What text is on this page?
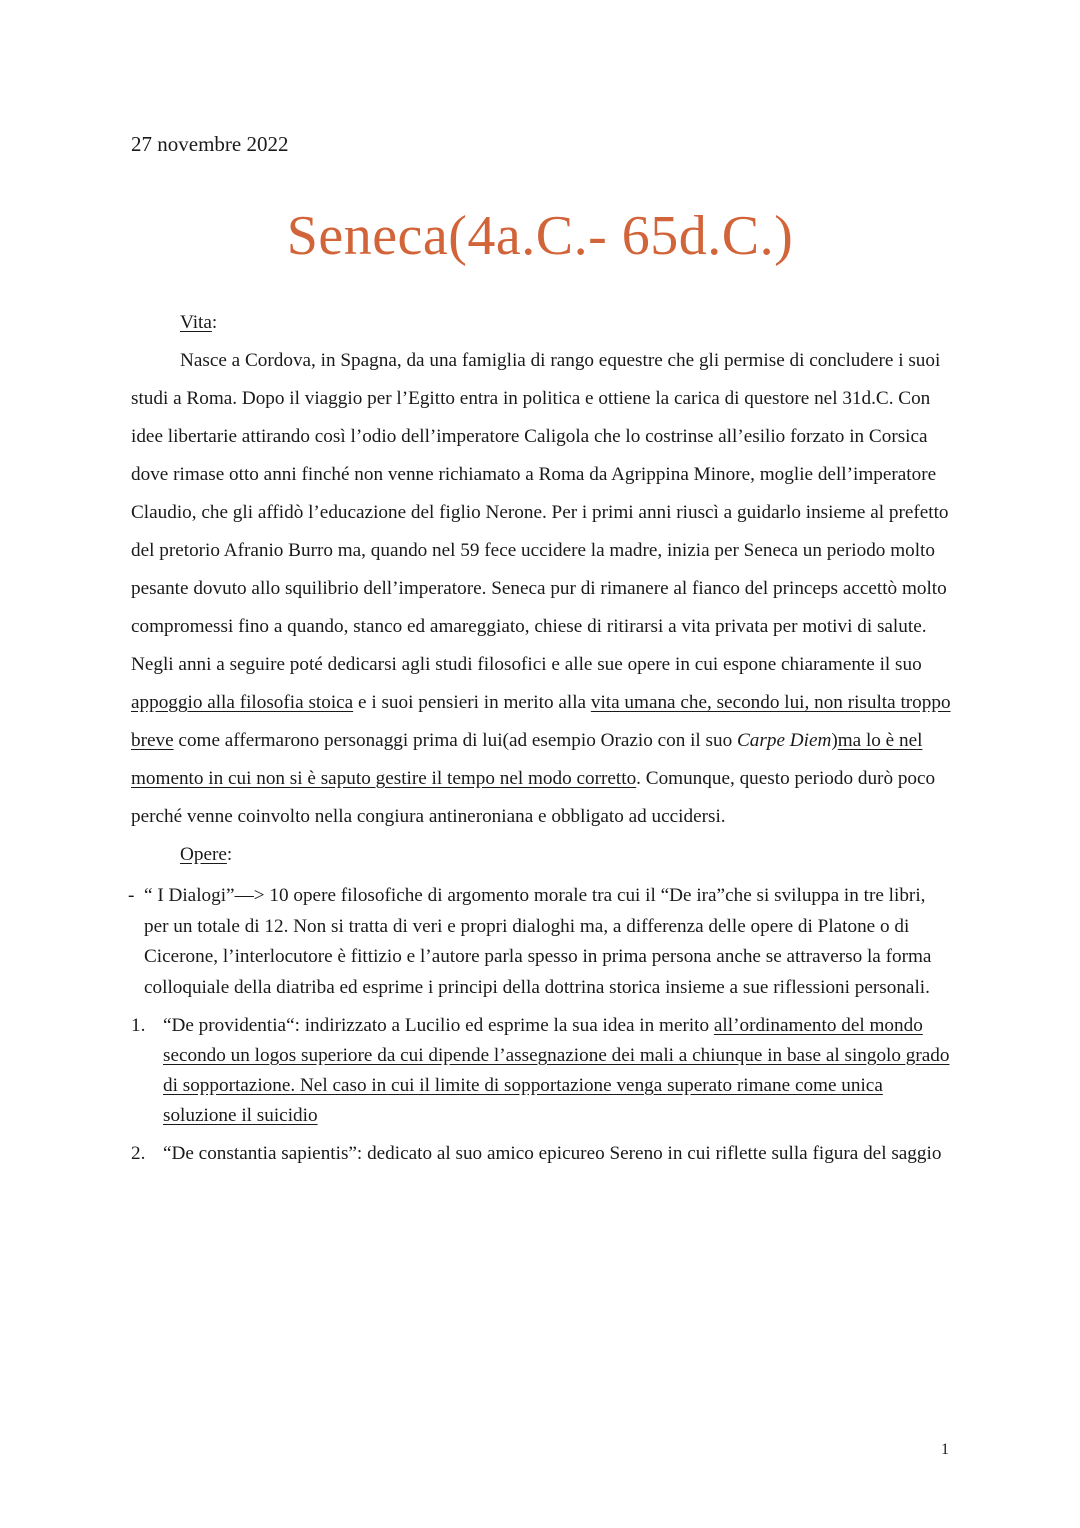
27 novembre 2022
Seneca(4a.C.- 65d.C.)
Vita:

Nasce a Cordova, in Spagna, da una famiglia di rango equestre che gli permise di concludere i suoi studi a Roma. Dopo il viaggio per l’Egitto entra in politica e ottiene la carica di questore nel 31d.C. Con idee libertarie attirando così l’odio dell’imperatore Caligola che lo costrinse all’esilio forzato in Corsica dove rimase otto anni finché non venne richiamato a Roma da Agrippina Minore, moglie dell’imperatore Claudio, che gli affidò l’educazione del figlio Nerone. Per i primi anni riuscì a guidarlo insieme al prefetto del pretorio Afranio Burro ma, quando nel 59 fece uccidere la madre, inizia per Seneca un periodo molto pesante dovuto allo squilibrio dell’imperatore. Seneca pur di rimanere al fianco del princeps accettò molto compromessi fino a quando, stanco ed amareggiato, chiese di ritirarsi a vita privata per motivi di salute. Negli anni a seguire poté dedicarsi agli studi filosofici e alle sue opere in cui espone chiaramente il suo appoggio alla filosofia stoica e i suoi pensieri in merito alla vita umana che, secondo lui, non risulta troppo breve come affermarono personaggi prima di lui(ad esempio Orazio con il suo Carpe Diem)ma lo è nel momento in cui non si è saputo gestire il tempo nel modo corretto. Comunque, questo periodo durò poco perché venne coinvolto nella congiura antineroniana e obbligato ad uccidersi.

Opere:
- “ I Dialogi”—> 10 opere filosofiche di argomento morale tra cui il “De ira”che si sviluppa in tre libri, per un totale di 12. Non si tratta di veri e propri dialoghi ma, a differenza delle opere di Platone o di Cicerone, l’interlocutore è fittizio e l’autore parla spesso in prima persona anche se attraverso la forma colloquiale della diatriba ed esprime i principi della dottrina storica insieme a sue riflessioni personali.
1. “De providentia“: indirizzato a Lucilio ed esprime la sua idea in merito all’ordinamento del mondo secondo un logos superiore da cui dipende l’assegnazione dei mali a chiunque in base al singolo grado di sopportazione. Nel caso in cui il limite di sopportazione venga superato rimane come unica soluzione il suicidio
2. “De constantia sapientis”: dedicato al suo amico epicureo Sereno in cui riflette sulla figura del saggio
1
